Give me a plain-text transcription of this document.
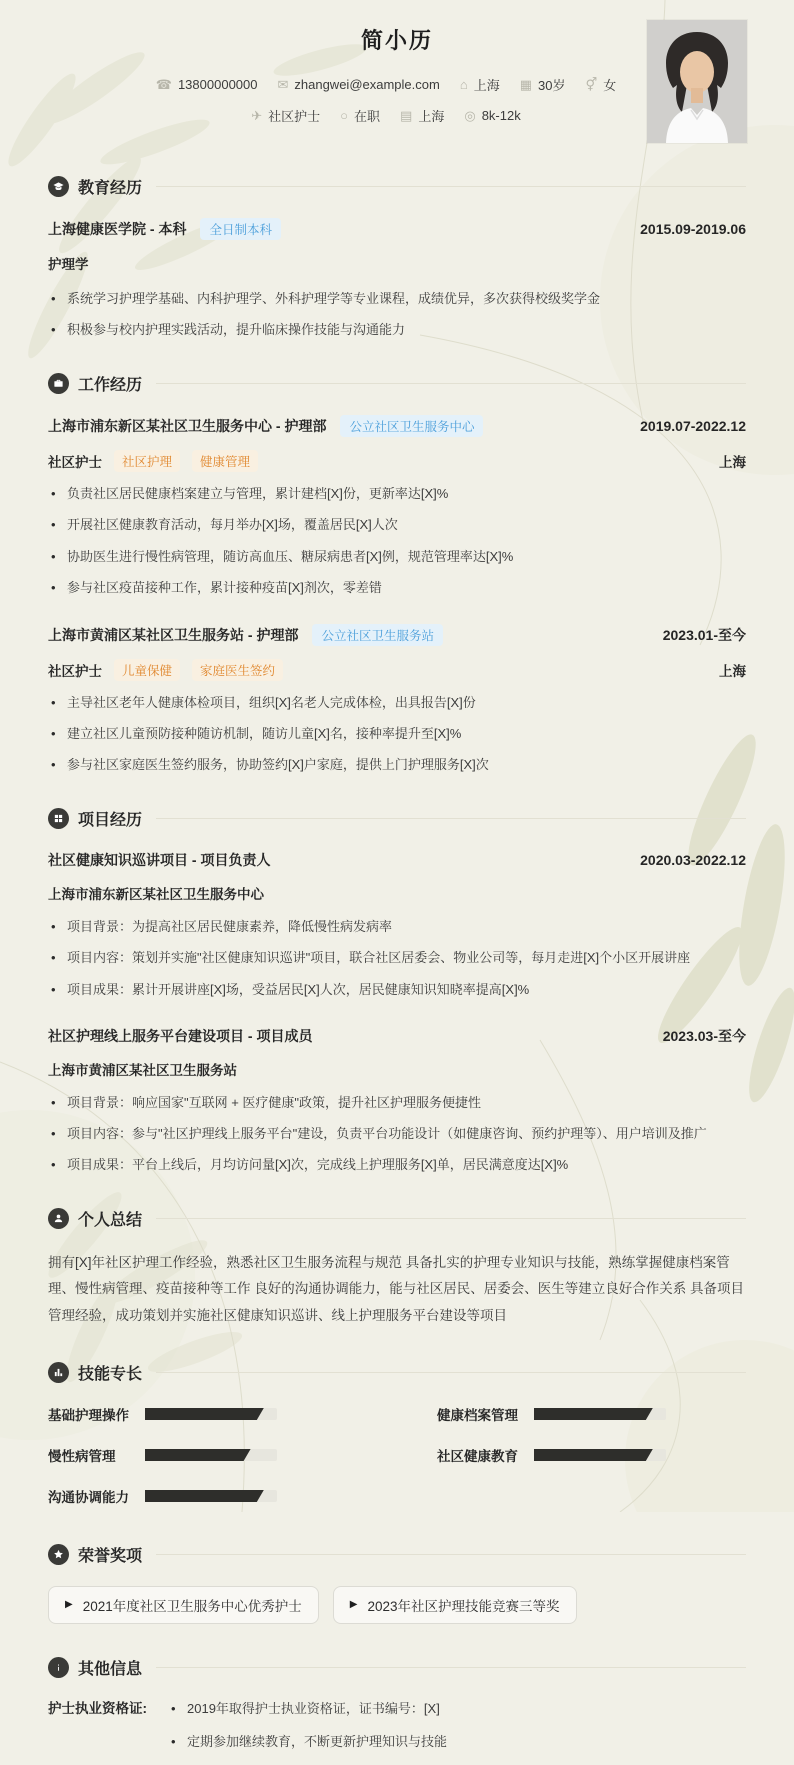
简小历
☎ 13800000000 ✉ zhangwei@example.com ⌂ 上海 ▦ 30岁 ⚥ 女
✈ 社区护士 ○ 在职 ▤ 上海 ◎ 8k-12k
教育经历
上海健康医学院 - 本科	全日制本科	2015.09-2019.06
护理学
• 系统学习护理学基础、内科护理学、外科护理学等专业课程，成绩优异，多次获得校级奖学金
• 积极参与校内护理实践活动，提升临床操作技能与沟通能力
工作经历
上海市浦东新区某社区卫生服务中心 - 护理部	公立社区卫生服务中心	2019.07-2022.12
社区护士	社区护理	健康管理	上海
• 负责社区居民健康档案建立与管理，累计建档[X]份，更新率达[X]%
• 开展社区健康教育活动，每月举办[X]场，覆盖居民[X]人次
• 协助医生进行慢性病管理，随访高血压、糖尿病患者[X]例，规范管理率达[X]%
• 参与社区疫苗接种工作，累计接种疫苗[X]剂次，零差错
上海市黄浦区某社区卫生服务站 - 护理部	公立社区卫生服务站	2023.01-至今
社区护士	儿童保健	家庭医生签约	上海
• 主导社区老年人健康体检项目，组织[X]名老人完成体检，出具报告[X]份
• 建立社区儿童预防接种随访机制，随访儿童[X]名，接种率提升至[X]%
• 参与社区家庭医生签约服务，协助签约[X]户家庭，提供上门护理服务[X]次
项目经历
社区健康知识巡讲项目 - 项目负责人	2020.03-2022.12
上海市浦东新区某社区卫生服务中心
• 项目背景：为提高社区居民健康素养，降低慢性病发病率
• 项目内容：策划并实施"社区健康知识巡讲"项目，联合社区居委会、物业公司等，每月走进[X]个小区开展讲座
• 项目成果：累计开展讲座[X]场，受益居民[X]人次，居民健康知识知晓率提高[X]%
社区护理线上服务平台建设项目 - 项目成员	2023.03-至今
上海市黄浦区某社区卫生服务站
• 项目背景：响应国家"互联网 + 医疗健康"政策，提升社区护理服务便捷性
• 项目内容：参与"社区护理线上服务平台"建设，负责平台功能设计（如健康咨询、预约护理等）、用户培训及推广
• 项目成果：平台上线后，月均访问量[X]次，完成线上护理服务[X]单，居民满意度达[X]%
个人总结

拥有[X]年社区护理工作经验，熟悉社区卫生服务流程与规范 具备扎实的护理专业知识与技能，熟练掌握健康档案管理、慢性病管理、疫苗接种等工作 良好的沟通协调能力，能与社区居民、居委会、医生等建立良好合作关系 具备项目管理经验，成功策划并实施社区健康知识巡讲、线上护理服务平台建设等项目

技能专长
基础护理操作	健康档案管理
慢性病管理	社区健康教育
沟通协调能力
荣誉奖项
▶ 2021年度社区卫生服务中心优秀护士	▶ 2023年社区护理技能竞赛三等奖
其他信息
护士执业资格证:	• 2019年取得护士执业资格证，证书编号：[X]
• 定期参加继续教育，不断更新护理知识与技能
